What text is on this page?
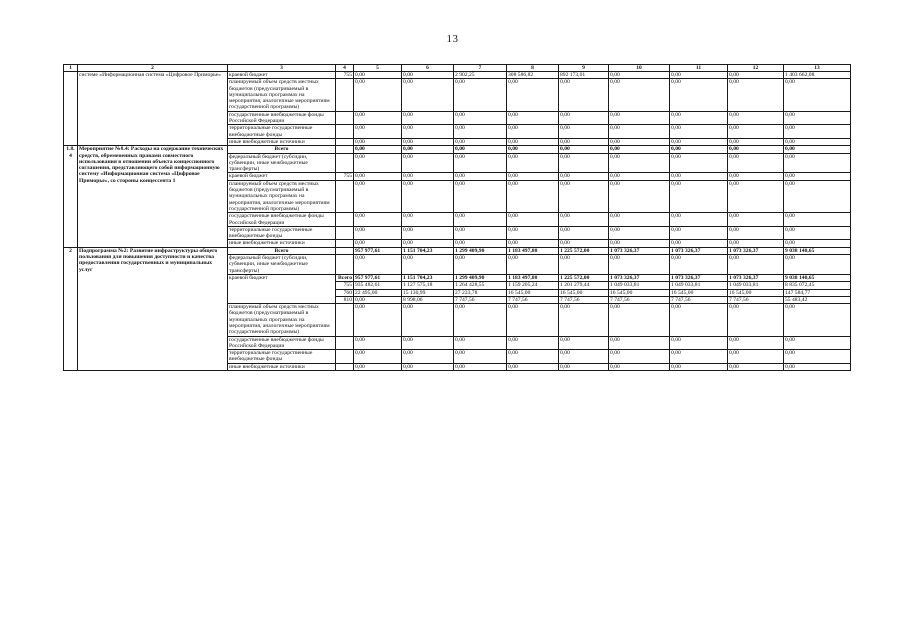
13
1	2	3	4	5	6	7	8	9	10	11	12	13
	системе «Информационная система «Цифровое Приморье»	краевой бюджет	755	0,00	0,00	2 902,25	308 586,82	892 173,01	0,00	0,00	0,00	1 403 662,08
		планируемый объем средств местных бюджетов (предусматриваемый в муниципальных программах на мероприятия, аналогичные мероприятиям государственной программы)		0,00	0,00	0,00	0,00	0,00	0,00	0,00	0,00	0,00
		государственные внебюджетные фонды Российской Федерации		0,00	0,00	0,00	0,00	0,00	0,00	0,00	0,00	0,00
		территориальные государственные внебюджетные фонды		0,00	0,00	0,00	0,00	0,00	0,00	0,00	0,00	0,00
		иные внебюджетные источники		0,00	0,00	0,00	0,00	0,00	0,00	0,00	0,00	0,00
1.8.4	Мероприятие №8.4: Расходы на содержание технических средств, обремененных правами совместного использования в отношении объекта концессионного соглашения, представляющего собой информационную систему «Информационная система «Цифровое Приморье», со стороны концессента 1	Всего		0,00	0,00	0,00	0,00	0,00	0,00	0,00	0,00	0,00
		федеральный бюджет (субсидии, субвенции, иные межбюджетные трансферты)		0,00	0,00	0,00	0,00	0,00	0,00	0,00	0,00	0,00
		краевой бюджет	755	0,00	0,00	0,00	0,00	0,00	0,00	0,00	0,00	0,00
		планируемый объем средств местных бюджетов (предусматриваемый в муниципальных программах на мероприятия, аналогичные мероприятиям государственной программы)		0,00	0,00	0,00	0,00	0,00	0,00	0,00	0,00	0,00
		государственные внебюджетные фонды Российской Федерации		0,00	0,00	0,00	0,00	0,00	0,00	0,00	0,00	0,00
		территориальные государственные внебюджетные фонды		0,00	0,00	0,00	0,00	0,00	0,00	0,00	0,00	0,00
		иные внебюджетные источники		0,00	0,00	0,00	0,00	0,00	0,00	0,00	0,00	0,00
2	Подпрограмма №2: Развитие инфраструктуры общего пользования для повышения доступности и качества предоставления государственных и муниципальных услуг	Всего		957 977,61	1 151 704,23	1 299 409,90	1 183 497,80	1 225 572,00	1 073 326,37	1 073 326,37	1 073 326,37	9 038 140,65
		федеральный бюджет (субсидии, субвенции, иные межбюджетные трансферты)		0,00	0,00	0,00	0,00	0,00	0,00	0,00	0,00	0,00
		краевой бюджет	Всего	957 977,61	1 151 704,23	1 299 409,90	1 183 497,80	1 225 572,00	1 073 326,37	1 073 326,37	1 073 326,37	9 038 140,65
			755	935 482,61	1 127 575,18	1 264 428,55	1 159 205,24	1 201 279,44	1 049 033,81	1 049 033,81	1 049 033,81	8 835 072,45
			760	22 495,00	15 130,99	27 233,78	16 545,00	16 545,00	16 545,00	16 545,00	16 545,00	147 584,77
			810	0,00	8 998,06	7 747,56	7 747,56	7 747,56	7 747,56	7 747,56	7 747,56	55 483,42
		планируемый объем средств местных бюджетов (предусматриваемый в муниципальных программах на мероприятия, аналогичные мероприятиям государственной программы)		0,00	0,00	0,00	0,00	0,00	0,00	0,00	0,00	0,00
		государственные внебюджетные фонды Российской Федерации		0,00	0,00	0,00	0,00	0,00	0,00	0,00	0,00	0,00
		территориальные государственные внебюджетные фонды		0,00	0,00	0,00	0,00	0,00	0,00	0,00	0,00	0,00
		иные внебюджетные источники		0,00	0,00	0,00	0,00	0,00	0,00	0,00	0,00	0,00
